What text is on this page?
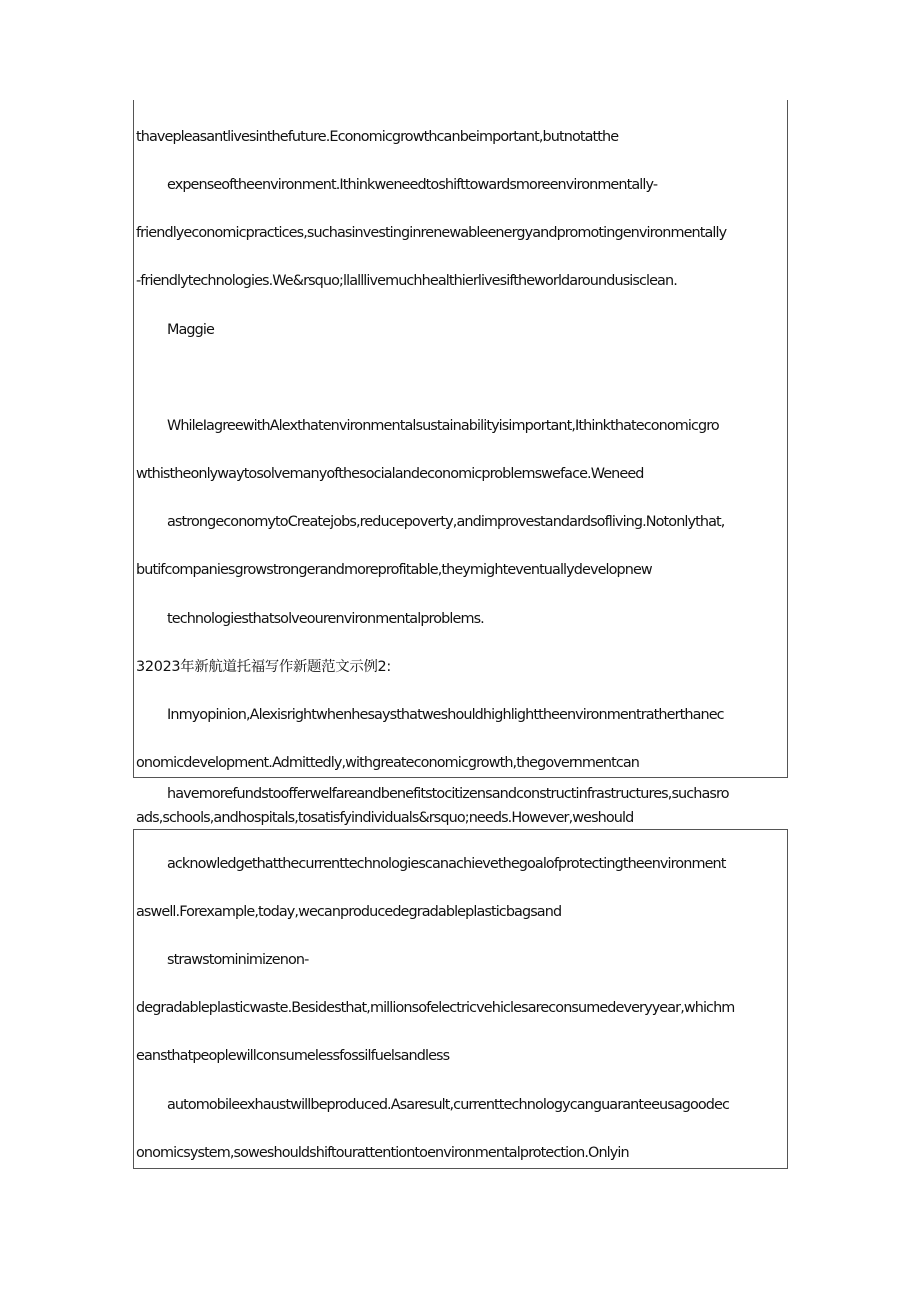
thavepleasantlivesinthefuture.Economicgrowthcanbeimportant,butnotatthe
expenseoftheenvironment.Ithinkweneedtoshifttowardsmoreenvironmentally-
friendlyeconomicpractices,suchasinvestinginrenewableenergyandpromotingenvironmentally
-friendlytechnologies.We&rsquo;llalllivemuchhealthierlivesiftheworldaroundusisclean.
Maggie
WhileIagreewithAlexthatenvironmentalsustainabilityisimportant,Ithinkthateconomicgro
wthistheonlywaytosolvemanyofthesocialandeconomicproblemsweface.Weneed
astrongeconomytoCreatejobs,reducepoverty,andimprovestandardsofliving.Notonlythat,
butifcompaniesgrowstrongerandmoreprofitable,theymighteventuallydevelopnew
technologiesthatsolveourenvironmentalproblems.
32023年新航道托福写作新题范文示例2:
Inmyopinion,Alexisrightwhenhesaysthatweshouldhighlighttheenvironmentratherthanec
onomicdevelopment.Admittedly,withgreateconomicgrowth,thegovernmentcan
havemorefundstoofferwelfareandbenefitstocitizensandconstructinfrastructures,suchasro
ads,schools,andhospitals,tosatisfyindividuals&rsquo;needs.However,weshould
acknowledgethatthecurrenttechnologiescanachievethegoalofprotectingtheenvironment
aswell.Forexample,today,wecanproducedegradableplasticbagsand
strawstominimizenon-
degradableplasticwaste.Besidesthat,millionsofelectricvehiclesareconsumedeveryyear,whichm
eansthatpeoplewillconsumelessfossilfuelsandless
automobileexhaustwillbeproduced.Asaresult,currenttechnologycanguaranteeusagoodec
onomicsystem,soweshouldshiftourattentiontoenvironmentalprotection.Onlyin
